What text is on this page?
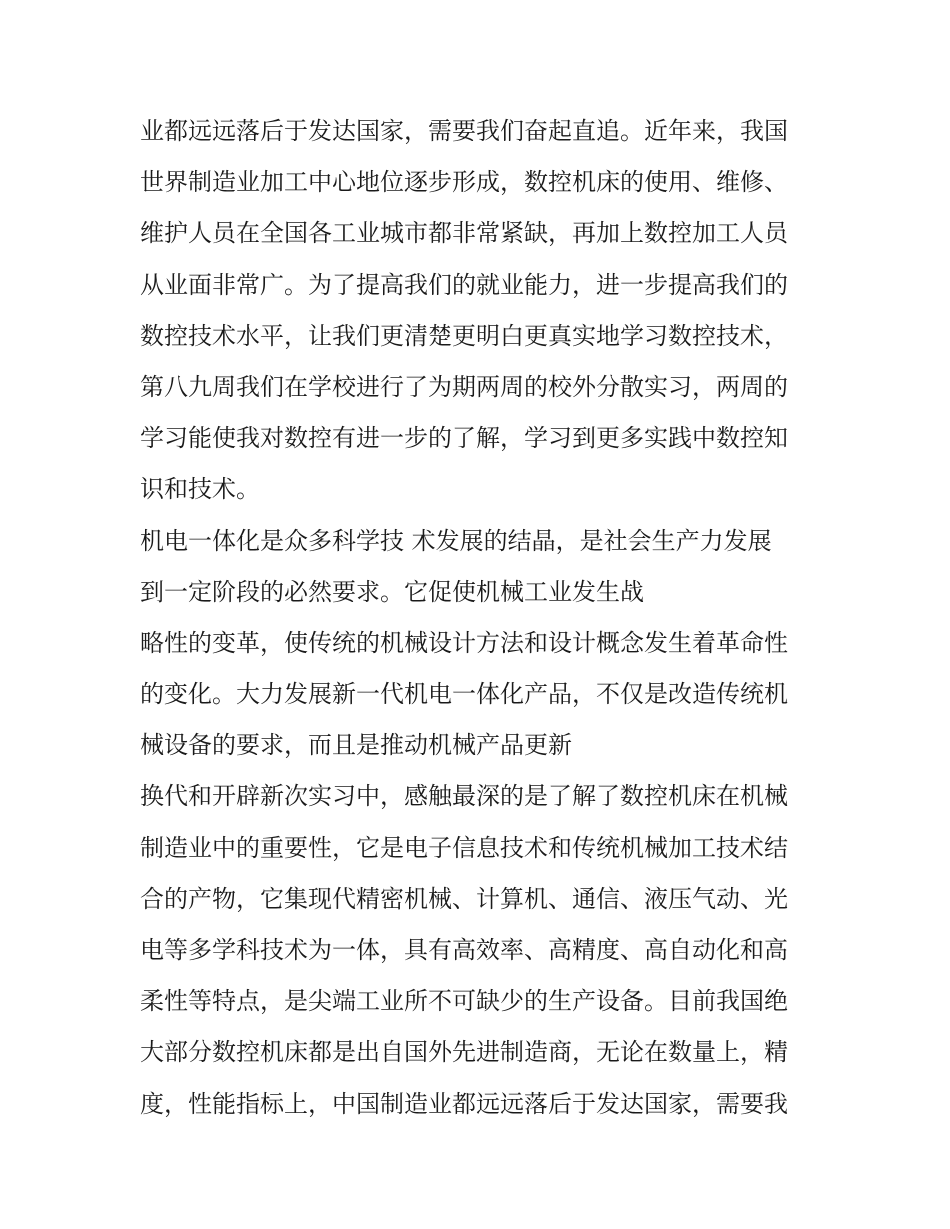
业都远远落后于发达国家，需要我们奋起直追。近年来，我国
世界制造业加工中心地位逐步形成，数控机床的使用、维修、
维护人员在全国各工业城市都非常紧缺，再加上数控加工人员
从业面非常广。为了提高我们的就业能力，进一步提高我们的
数控技术水平，让我们更清楚更明白更真实地学习数控技术，
第八九周我们在学校进行了为期两周的校外分散实习，两周的
学习能使我对数控有进一步的了解，学习到更多实践中数控知
识和技术。
机电一体化是众多科学技 术发展的结晶，是社会生产力发展
到一定阶段的必然要求。它促使机械工业发生战
略性的变革，使传统的机械设计方法和设计概念发生着革命性
的变化。大力发展新一代机电一体化产品，不仅是改造传统机
械设备的要求，而且是推动机械产品更新
换代和开辟新次实习中，感触最深的是了解了数控机床在机械
制造业中的重要性，它是电子信息技术和传统机械加工技术结
合的产物，它集现代精密机械、计算机、通信、液压气动、光
电等多学科技术为一体，具有高效率、高精度、高自动化和高
柔性等特点，是尖端工业所不可缺少的生产设备。目前我国绝
大部分数控机床都是出自国外先进制造商，无论在数量上，精
度，性能指标上，中国制造业都远远落后于发达国家，需要我
